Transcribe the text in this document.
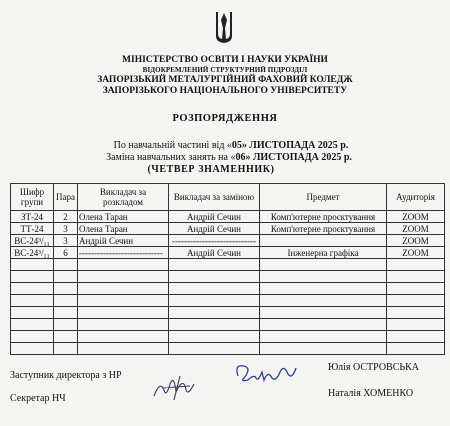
МІНІСТЕРСТВО ОСВІТИ І НАУКИ УКРАЇНИ
ВІДОКРЕМЛЕНИЙ СТРУКТУРНИЙ ПІДРОЗДІЛ
ЗАПОРІЗЬКИЙ МЕТАЛУРГІЙНИЙ ФАХОВИЙ КОЛЕДЖ
ЗАПОРІЗЬКОГО НАЦІОНАЛЬНОГО УНІВЕРСИТЕТУ
РОЗПОРЯДЖЕННЯ
По навчальній частині від «05» ЛИСТОПАДА 2025 р.
Заміна навчальних занять на «06» ЛИСТОПАДА 2025 р.
(ЧЕТВЕР ЗНАМЕННИК)
Шифр групи	Пара	Викладач за розкладом	Викладач за заміною	Предмет	Аудиторія
ЗТ-24	2	Олена Таран	Андрій Сечин	Комп'ютерне проєктування	ZOOM
ТТ-24	3	Олена Таран	Андрій Сечин	Комп'ютерне проєктування	ZOOM
ВС-24³/₁₁	3	Андрій Сечин	----------------------------		ZOOM
ВС-24³/₁₁	6	----------------------------	Андрій Сечин	Інженерна графіка	ZOOM

Заступник директора з НР
Секретар НЧ
Юлія ОСТРОВСЬКА
Наталія ХОМЕНКО
